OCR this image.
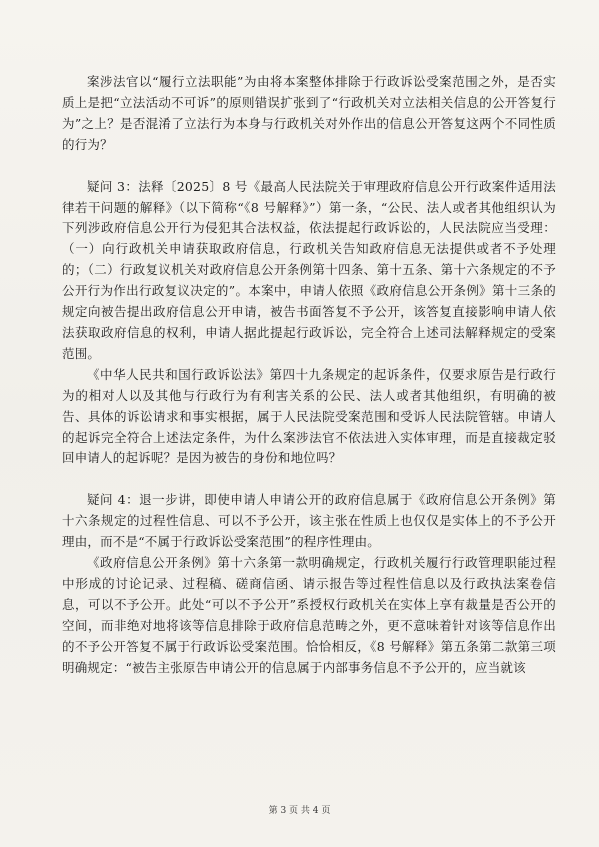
案涉法官以“履行立法职能”为由将本案整体排除于行政诉讼受案范围之外，是否实质上是把“立法活动不可诉”的原则错误扩张到了“行政机关对立法相关信息的公开答复行为”之上？是否混淆了立法行为本身与行政机关对外作出的信息公开答复这两个不同性质的行为？

疑问 3：法释〔2025〕8 号《最高人民法院关于审理政府信息公开行政案件适用法律若干问题的解释》（以下简称“《8 号解释》”）第一条，“公民、法人或者其他组织认为下列涉政府信息公开行为侵犯其合法权益，依法提起行政诉讼的，人民法院应当受理：（一）向行政机关申请获取政府信息，行政机关告知政府信息无法提供或者不予处理的；（二）行政复议机关对政府信息公开条例第十四条、第十五条、第十六条规定的不予公开行为作出行政复议决定的”。本案中，申请人依照《政府信息公开条例》第十三条的规定向被告提出政府信息公开申请，被告书面答复不予公开，该答复直接影响申请人依法获取政府信息的权利，申请人据此提起行政诉讼，完全符合上述司法解释规定的受案范围。

《中华人民共和国行政诉讼法》第四十九条规定的起诉条件，仅要求原告是行政行为的相对人以及其他与行政行为有利害关系的公民、法人或者其他组织，有明确的被告、具体的诉讼请求和事实根据，属于人民法院受案范围和受诉人民法院管辖。申请人的起诉完全符合上述法定条件，为什么案涉法官不依法进入实体审理，而是直接裁定驳回申请人的起诉呢？是因为被告的身份和地位吗？

疑问 4：退一步讲，即使申请人申请公开的政府信息属于《政府信息公开条例》第十六条规定的过程性信息、可以不予公开，该主张在性质上也仅仅是实体上的不予公开理由，而不是“不属于行政诉讼受案范围”的程序性理由。

《政府信息公开条例》第十六条第一款明确规定，行政机关履行行政管理职能过程中形成的讨论记录、过程稿、磋商信函、请示报告等过程性信息以及行政执法案卷信息，可以不予公开。此处“可以不予公开”系授权行政机关在实体上享有裁量是否公开的空间，而非绝对地将该等信息排除于政府信息范畴之外，更不意味着针对该等信息作出的不予公开答复不属于行政诉讼受案范围。恰恰相反，《8 号解释》第五条第二款第三项明确规定：“被告主张原告申请公开的信息属于内部事务信息不予公开的，应当就该

第 3 页 共 4 页
